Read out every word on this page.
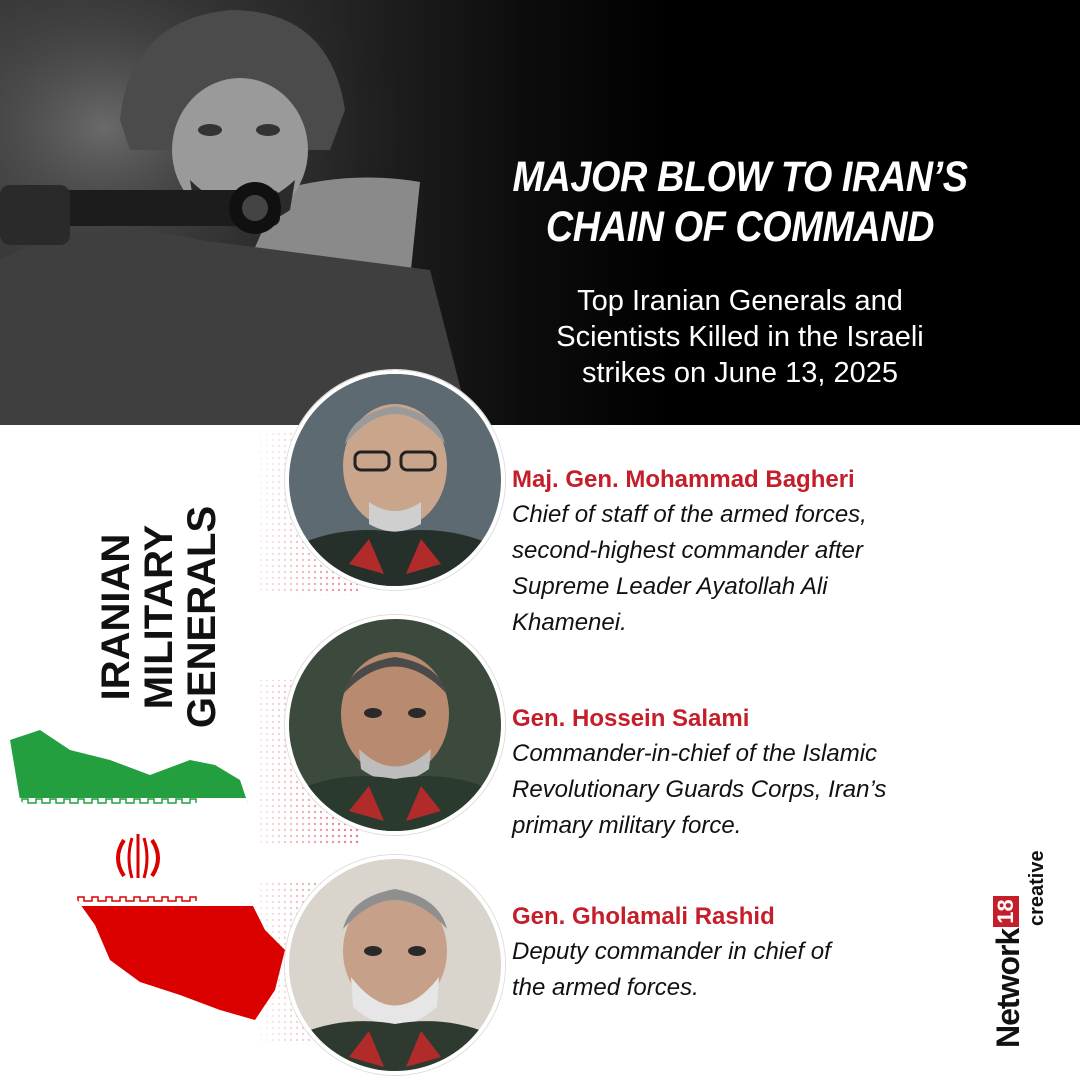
MAJOR BLOW TO IRAN’S
CHAIN OF COMMAND
Top Iranian Generals and
Scientists Killed in the Israeli
strikes on June 13, 2025
IRANIAN MILITARY GENERALS
Maj. Gen. Mohammad Bagheri
Chief of staff of the armed forces,
second-highest commander after
Supreme Leader Ayatollah Ali
Khamenei.
Gen. Hossein Salami
Commander-in-chief of the Islamic
Revolutionary Guards Corps, Iran’s
primary military force.
Gen. Gholamali Rashid
Deputy commander in chief of
the armed forces.	Network18 creative
